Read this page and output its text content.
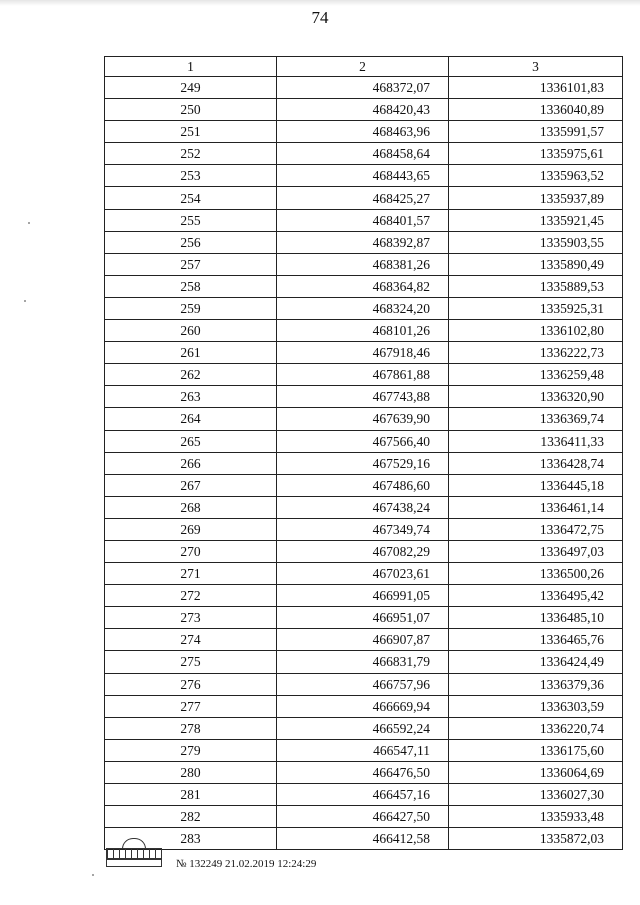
74
1	2	3
249	468372,07	1336101,83
250	468420,43	1336040,89
251	468463,96	1335991,57
252	468458,64	1335975,61
253	468443,65	1335963,52
254	468425,27	1335937,89
255	468401,57	1335921,45
256	468392,87	1335903,55
257	468381,26	1335890,49
258	468364,82	1335889,53
259	468324,20	1335925,31
260	468101,26	1336102,80
261	467918,46	1336222,73
262	467861,88	1336259,48
263	467743,88	1336320,90
264	467639,90	1336369,74
265	467566,40	1336411,33
266	467529,16	1336428,74
267	467486,60	1336445,18
268	467438,24	1336461,14
269	467349,74	1336472,75
270	467082,29	1336497,03
271	467023,61	1336500,26
272	466991,05	1336495,42
273	466951,07	1336485,10
274	466907,87	1336465,76
275	466831,79	1336424,49
276	466757,96	1336379,36
277	466669,94	1336303,59
278	466592,24	1336220,74
279	466547,11	1336175,60
280	466476,50	1336064,69
281	466457,16	1336027,30
282	466427,50	1335933,48
283	466412,58	1335872,03
№ 132249 21.02.2019 12:24:29
